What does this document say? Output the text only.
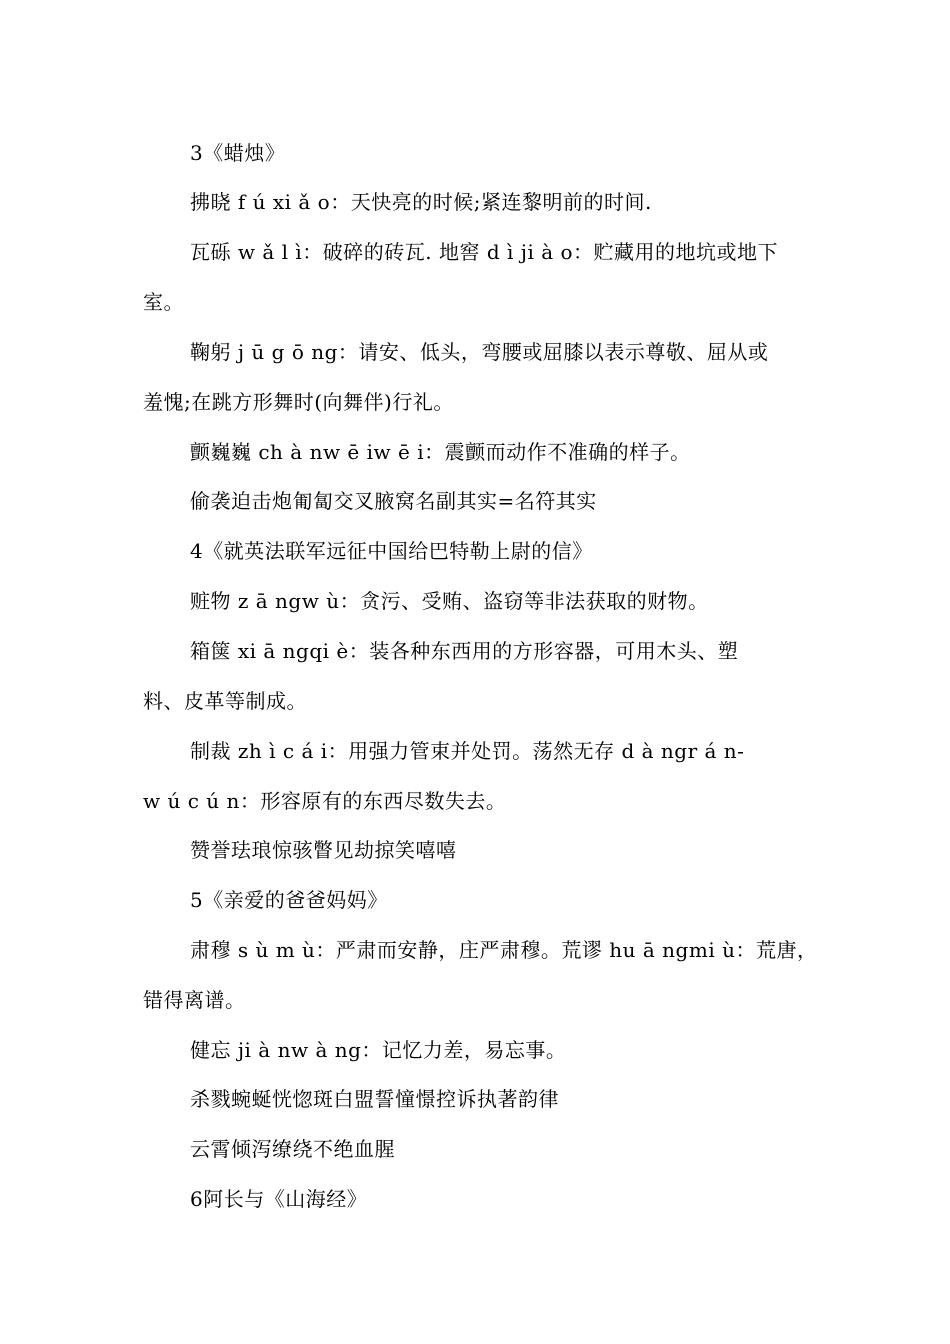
3《蜡烛》
拂晓 f ú xi ǎ o：天快亮的时候;紧连黎明前的时间.
瓦砾 w ǎ l ì：破碎的砖瓦. 地窖 d ì ji à o：贮藏用的地坑或地下
室。
鞠躬 j ū g ō ng：请安、低头，弯腰或屈膝以表示尊敬、屈从或
羞愧;在跳方形舞时(向舞伴)行礼。
颤巍巍 ch à nw ē iw ē i：震颤而动作不准确的样子。
偷袭迫击炮匍匐交叉腋窝名副其实=名符其实
4《就英法联军远征中国给巴特勒上尉的信》
赃物 z ā ngw ù：贪污、受贿、盗窃等非法获取的财物。
箱箧 xi ā ngqi è：装各种东西用的方形容器，可用木头、塑
料、皮革等制成。
制裁 zh ì c á i：用强力管束并处罚。荡然无存 d à ngr á n-
w ú c ú n：形容原有的东西尽数失去。
赞誉珐琅惊骇瞥见劫掠笑嘻嘻
5《亲爱的爸爸妈妈》
肃穆 s ù m ù：严肃而安静，庄严肃穆。荒谬 hu ā ngmi ù：荒唐，
错得离谱。
健忘 ji à nw à ng：记忆力差，易忘事。
杀戮蜿蜒恍惚斑白盟誓憧憬控诉执著韵律
云霄倾泻缭绕不绝血腥
6阿长与《山海经》
